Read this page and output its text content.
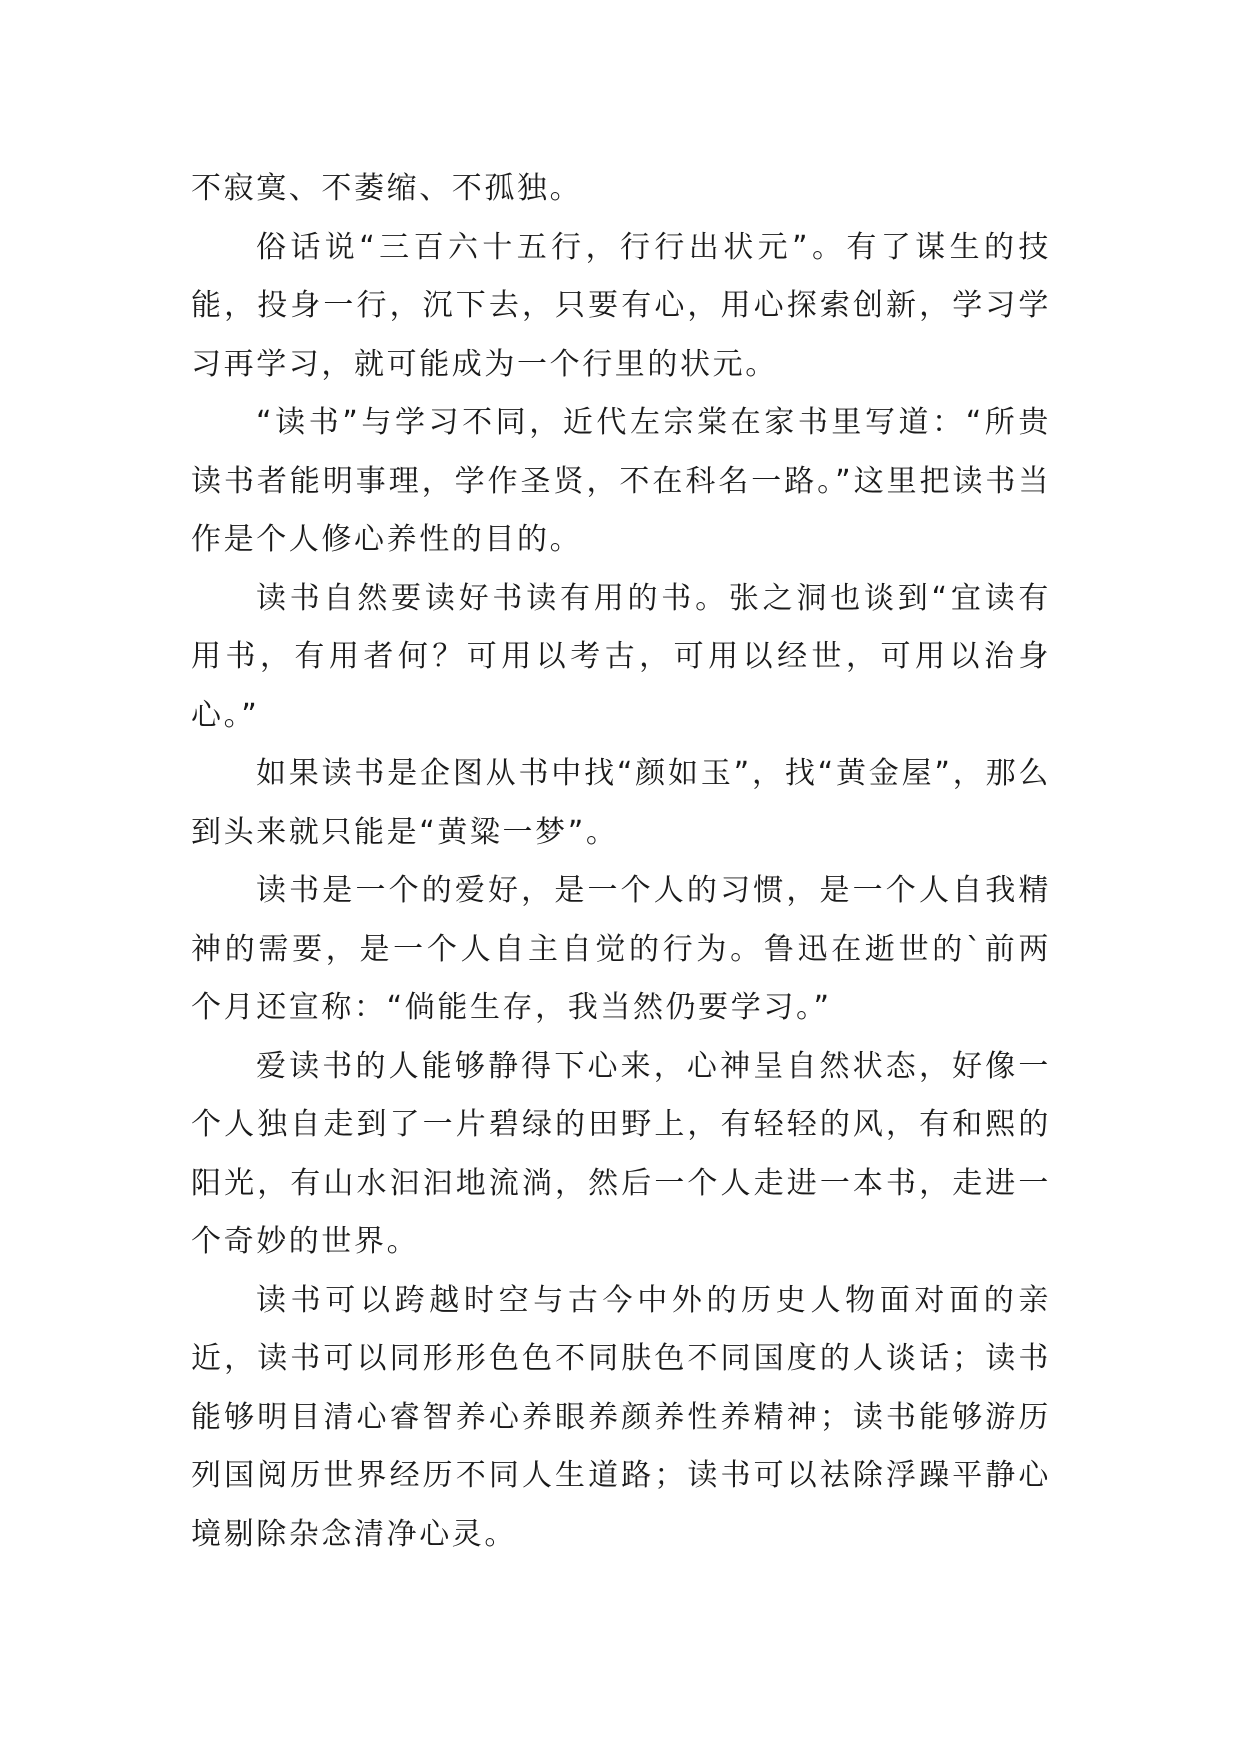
不寂寞、不萎缩、不孤独。

俗话说“三百六十五行，行行出状元”。有了谋生的技能，投身一行，沉下去，只要有心，用心探索创新，学习学习再学习，就可能成为一个行里的状元。

“读书”与学习不同，近代左宗棠在家书里写道：“所贵读书者能明事理，学作圣贤，不在科名一路。”这里把读书当作是个人修心养性的目的。

读书自然要读好书读有用的书。张之洞也谈到“宜读有用书，有用者何？可用以考古，可用以经世，可用以治身心。”

如果读书是企图从书中找“颜如玉”，找“黄金屋”，那么到头来就只能是“黄粱一梦”。

读书是一个的爱好，是一个人的习惯，是一个人自我精神的需要，是一个人自主自觉的行为。鲁迅在逝世的`前两个月还宣称：“倘能生存，我当然仍要学习。”

爱读书的人能够静得下心来，心神呈自然状态，好像一个人独自走到了一片碧绿的田野上，有轻轻的风，有和熙的阳光，有山水汩汩地流淌，然后一个人走进一本书，走进一个奇妙的世界。

读书可以跨越时空与古今中外的历史人物面对面的亲近，读书可以同形形色色不同肤色不同国度的人谈话；读书能够明目清心睿智养心养眼养颜养性养精神；读书能够游历列国阅历世界经历不同人生道路；读书可以祛除浮躁平静心境剔除杂念清净心灵。
